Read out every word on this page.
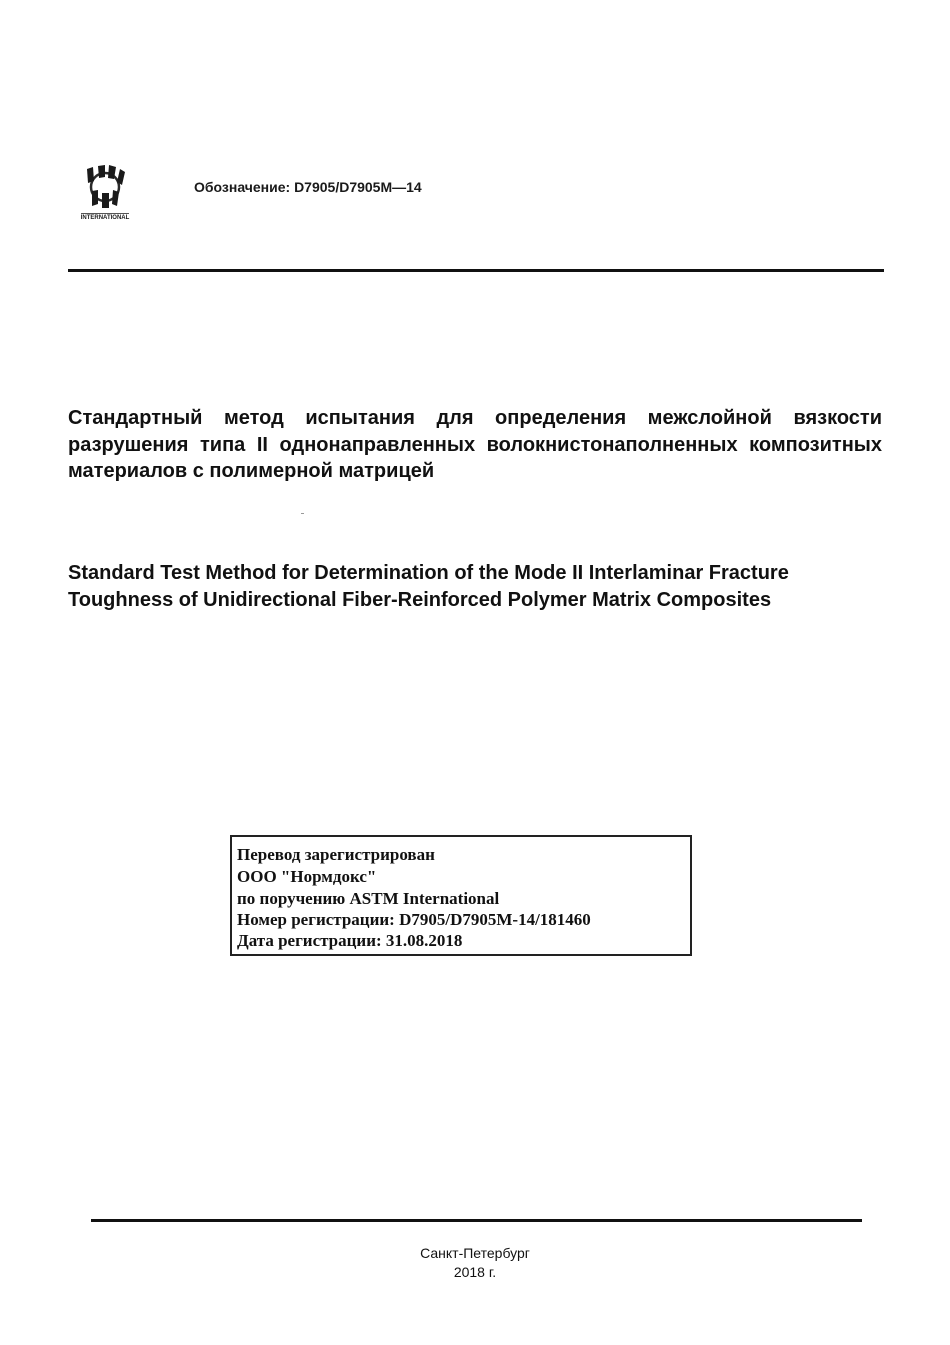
INTERNATIONAL
Обозначение: D7905/D7905M—14
Стандартный метод испытания для определения межслойной вязкости разрушения типа II однонаправленных волокнистонаполненных композитных материалов с полимерной матрицей
Standard Test Method for Determination of the Mode II Interlaminar Fracture Toughness of Unidirectional Fiber-Reinforced Polymer Matrix Composites
Перевод зарегистрирован
ООО "Нормдокс"
по поручению ASTM International
Номер регистрации: D7905/D7905M-14/181460
Дата регистрации: 31.08.2018
Санкт-Петербург
2018 г.
